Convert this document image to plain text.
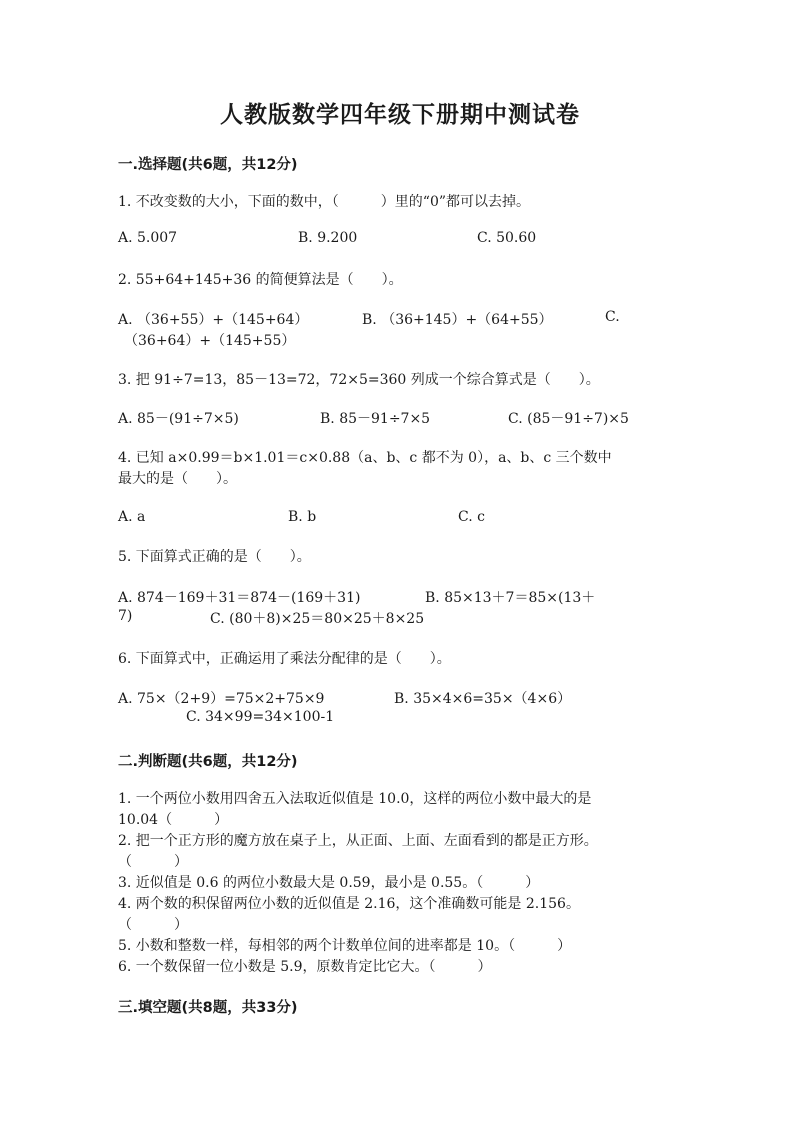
人教版数学四年级下册期中测试卷
一.选择题(共6题，共12分)
1. 不改变数的大小，下面的数中，（　　　）里的“0”都可以去掉。
A. 5.007	B. 9.200	C. 50.60
2. 55+64+145+36 的简便算法是（　　）。
A. （36+55）+（145+64）	B. （36+145）+（64+55）	C.
（36+64）+（145+55）
3. 把 91÷7=13，85－13=72，72×5=360 列成一个综合算式是（　　）。
A. 85－(91÷7×5)	B. 85－91÷7×5	C. (85－91÷7)×5
4. 已知 a×0.99＝b×1.01＝c×0.88（a、b、c 都不为 0），a、b、c 三个数中
最大的是（　　）。
A. a	B. b	C. c
5. 下面算式正确的是（　　）。
A. 874－169＋31＝874－(169＋31)	B. 85×13＋7＝85×(13＋
7)	C. (80＋8)×25＝80×25＋8×25
6. 下面算式中，正确运用了乘法分配律的是（　　）。
A. 75×（2+9）=75×2+75×9	B. 35×4×6=35×（4×6）
C. 34×99=34×100-1
二.判断题(共6题，共12分)
1. 一个两位小数用四舍五入法取近似值是 10.0，这样的两位小数中最大的是
10.04（　　　）
2. 把一个正方形的魔方放在桌子上，从正面、上面、左面看到的都是正方形。
（　　　）
3. 近似值是 0.6 的两位小数最大是 0.59，最小是 0.55。（　　　）
4. 两个数的积保留两位小数的近似值是 2.16，这个准确数可能是 2.156。
（　　　）
5. 小数和整数一样，每相邻的两个计数单位间的进率都是 10。（　　　）
6. 一个数保留一位小数是 5.9，原数肯定比它大。（　　　）
三.填空题(共8题，共33分)
